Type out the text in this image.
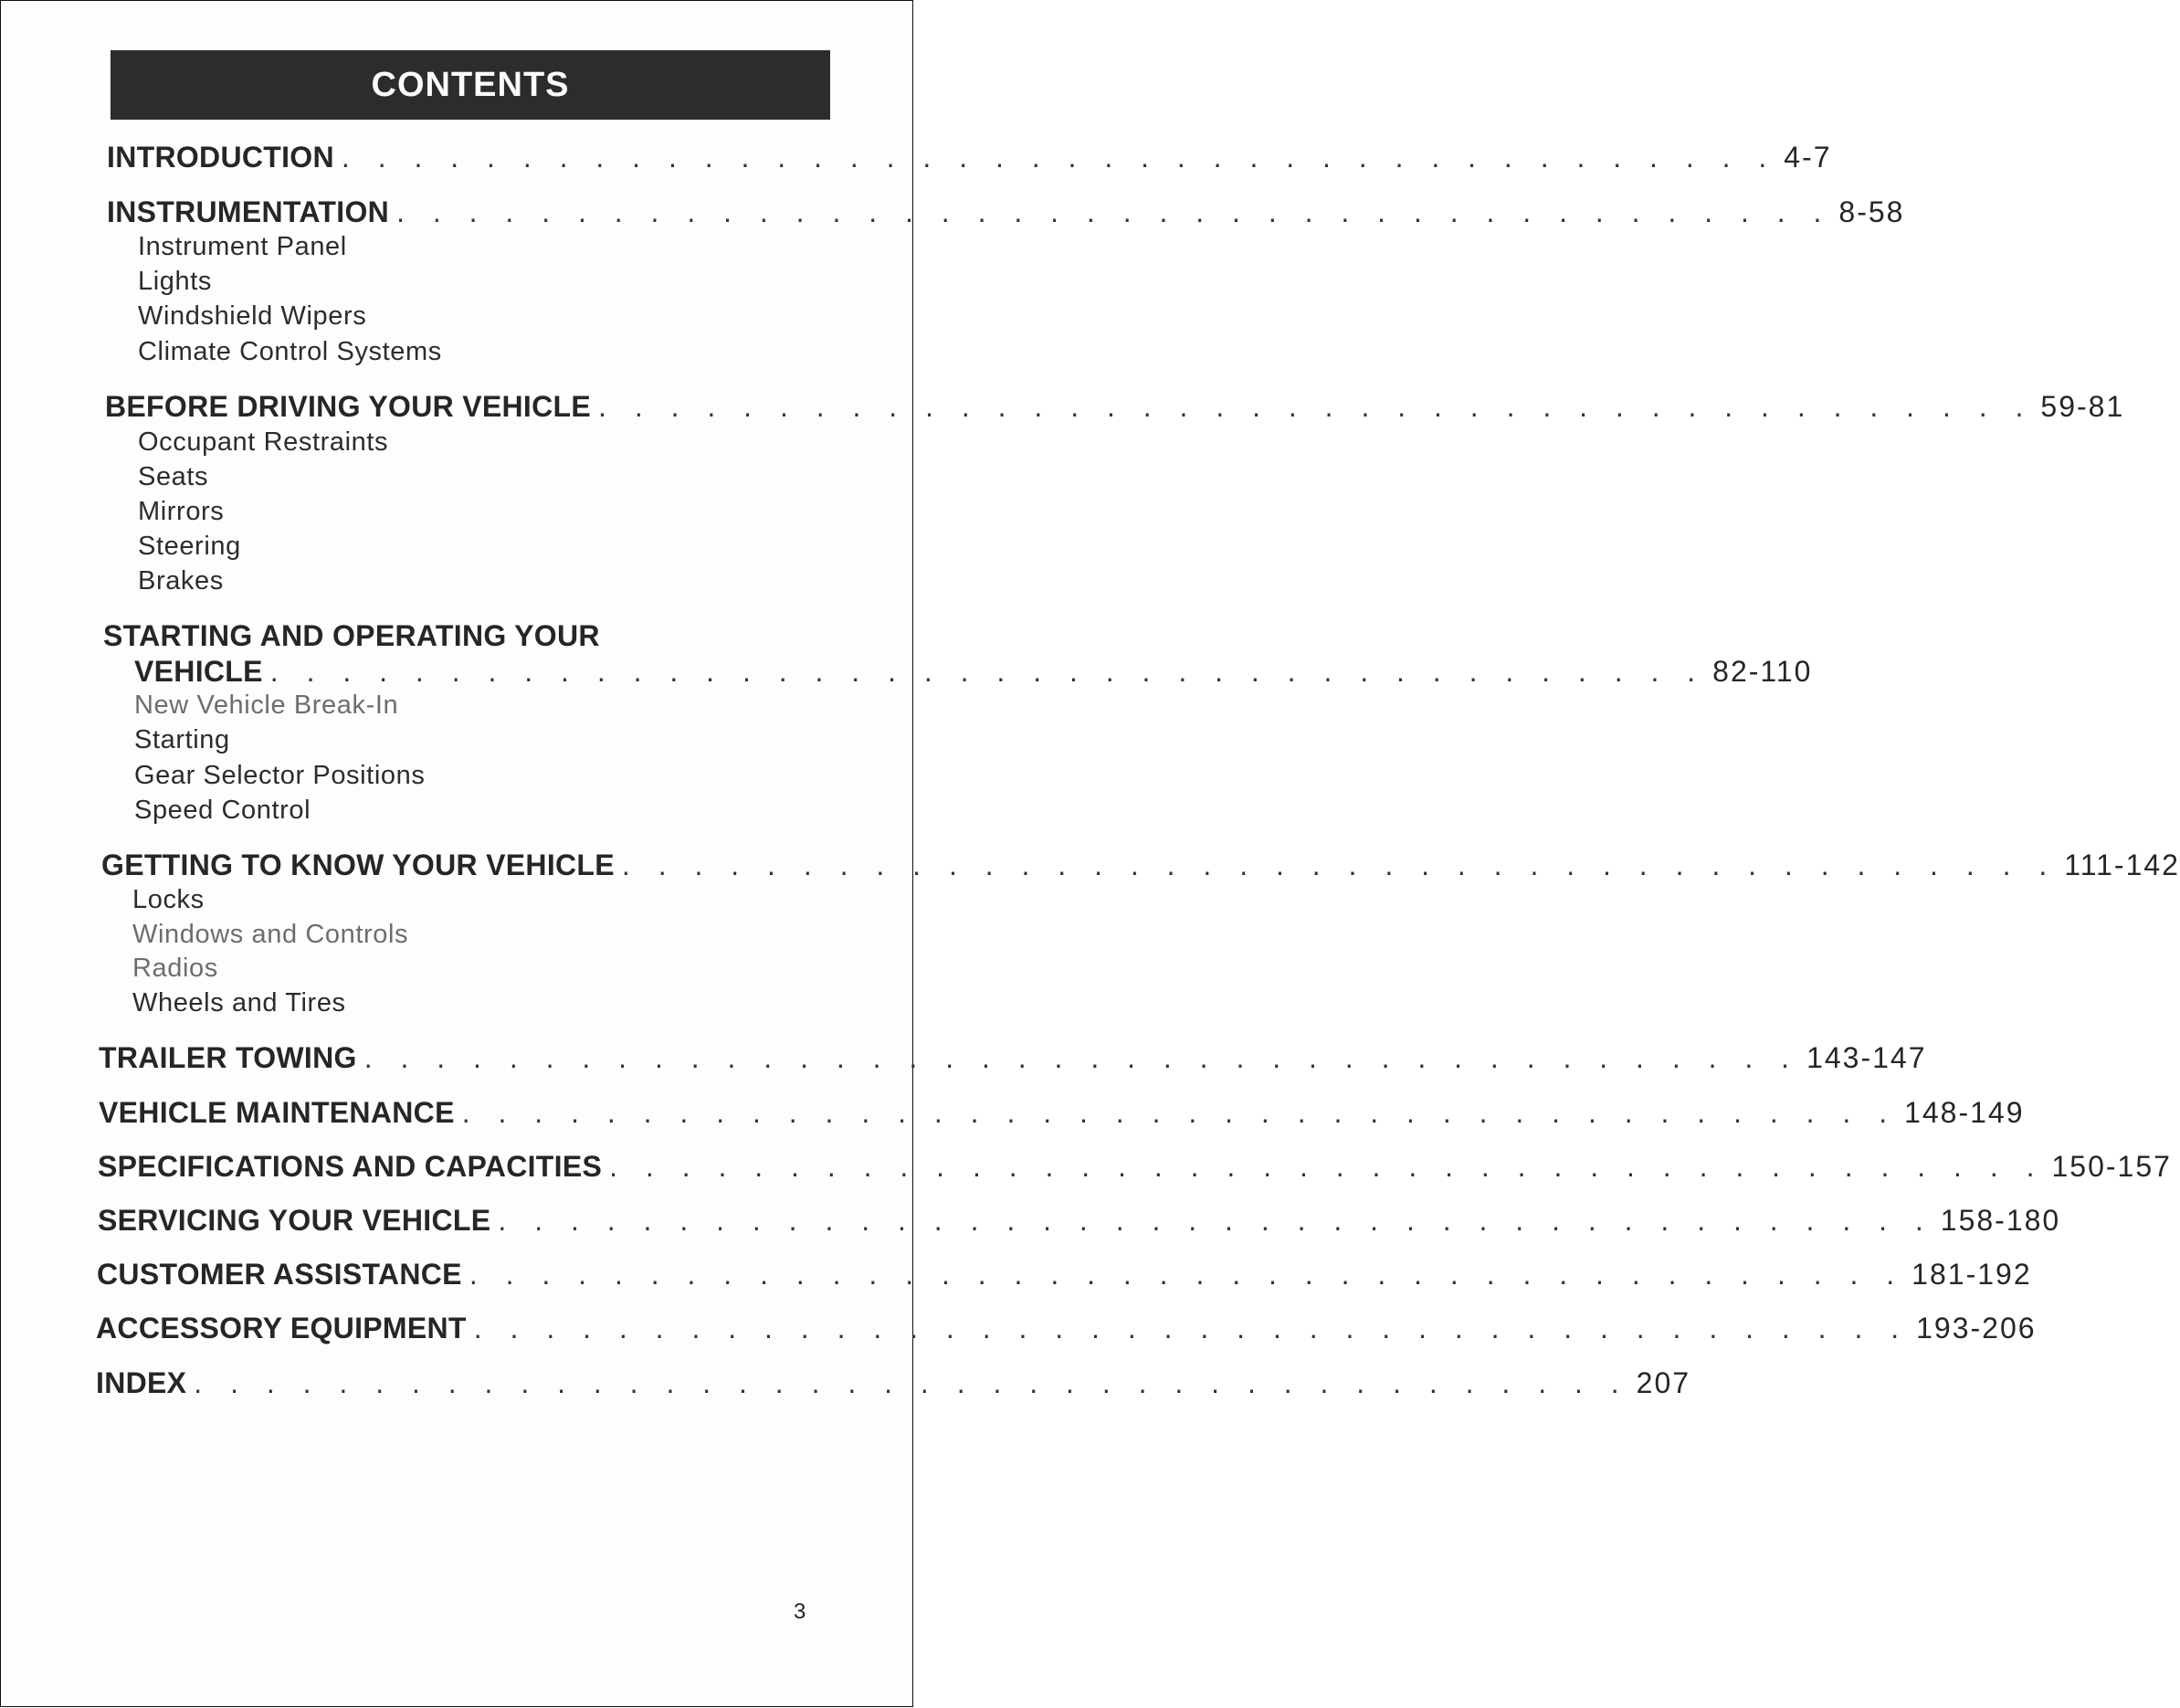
CONTENTS
INTRODUCTION . . . . . . . . . . . . . . . . . . . . . . . . . . . . . . . . . . . . . . . . 4-7
INSTRUMENTATION . . . . . . . . . . . . . . . . . . . . . . . . . . . . . . . . . . . . . . . . 8-58
Instrument Panel
Lights
Windshield Wipers
Climate Control Systems
BEFORE DRIVING YOUR VEHICLE . . . . . . . . . . . . . . . . . . . . . . . . . . . . . . . . . . . . . . . . 59-81
Occupant Restraints
Seats
Mirrors
Steering
Brakes
STARTING AND OPERATING YOUR
VEHICLE . . . . . . . . . . . . . . . . . . . . . . . . . . . . . . . . . . . . . . . . 82-110
New Vehicle Break-In
Starting
Gear Selector Positions
Speed Control
GETTING TO KNOW YOUR VEHICLE . . . . . . . . . . . . . . . . . . . . . . . . . . . . . . . . . . . . . . . . 111-142
Locks
Windows and Controls
Radios
Wheels and Tires
TRAILER TOWING . . . . . . . . . . . . . . . . . . . . . . . . . . . . . . . . . . . . . . . . 143-147
VEHICLE MAINTENANCE . . . . . . . . . . . . . . . . . . . . . . . . . . . . . . . . . . . . . . . . 148-149
SPECIFICATIONS AND CAPACITIES . . . . . . . . . . . . . . . . . . . . . . . . . . . . . . . . . . . . . . . . 150-157
SERVICING YOUR VEHICLE . . . . . . . . . . . . . . . . . . . . . . . . . . . . . . . . . . . . . . . . 158-180
CUSTOMER ASSISTANCE . . . . . . . . . . . . . . . . . . . . . . . . . . . . . . . . . . . . . . . . 181-192
ACCESSORY EQUIPMENT . . . . . . . . . . . . . . . . . . . . . . . . . . . . . . . . . . . . . . . . 193-206
INDEX . . . . . . . . . . . . . . . . . . . . . . . . . . . . . . . . . . . . . . . . 207
3
